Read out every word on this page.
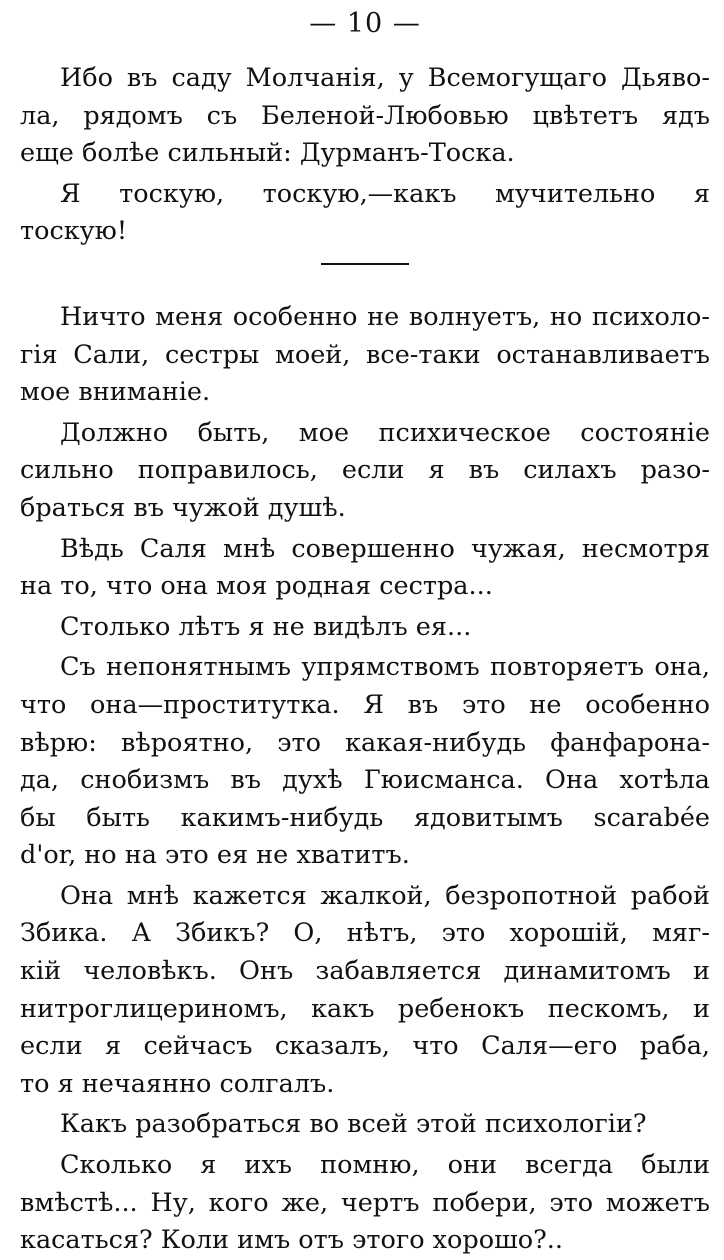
— 10 —
Ибо въ саду Молчанія, у Всемогущаго Дьяво-
ла, рядомъ съ Беленой-Любовью цвѣтетъ ядъ
еще болѣе сильный: Дурманъ-Тоска.
Я тоскую, тоскую,—какъ мучительно я
тоскую!
Ничто меня особенно не волнуетъ, но психоло-
гія Сали, сестры моей, все-таки останавливаетъ
мое вниманіе.
Должно быть, мое психическое состояніе
сильно поправилось, если я въ силахъ разо-
браться въ чужой душѣ.
Вѣдь Саля мнѣ совершенно чужая, несмотря
на то, что она моя родная сестра...
Столько лѣтъ я не видѣлъ ея...
Съ непонятнымъ упрямствомъ повторяетъ она,
что она—проститутка. Я въ это не особенно
вѣрю: вѣроятно, это какая-нибудь фанфарона-
да, снобизмъ въ духѣ Гюисманса. Она хотѣла
бы быть какимъ-нибудь ядовитымъ scarabée
d'or, но на это ея не хватитъ.
Она мнѣ кажется жалкой, безропотной рабой
Збика. А Збикъ? О, нѣтъ, это хорошій, мяг-
кій человѣкъ. Онъ забавляется динамитомъ и
нитроглицериномъ, какъ ребенокъ пескомъ, и
если я сейчасъ сказалъ, что Саля—его раба,
то я нечаянно солгалъ.
Какъ разобраться во всей этой психологіи?
Сколько я ихъ помню, они всегда были
вмѣстѣ... Ну, кого же, чертъ побери, это можетъ
касаться? Коли имъ отъ этого хорошо?..
